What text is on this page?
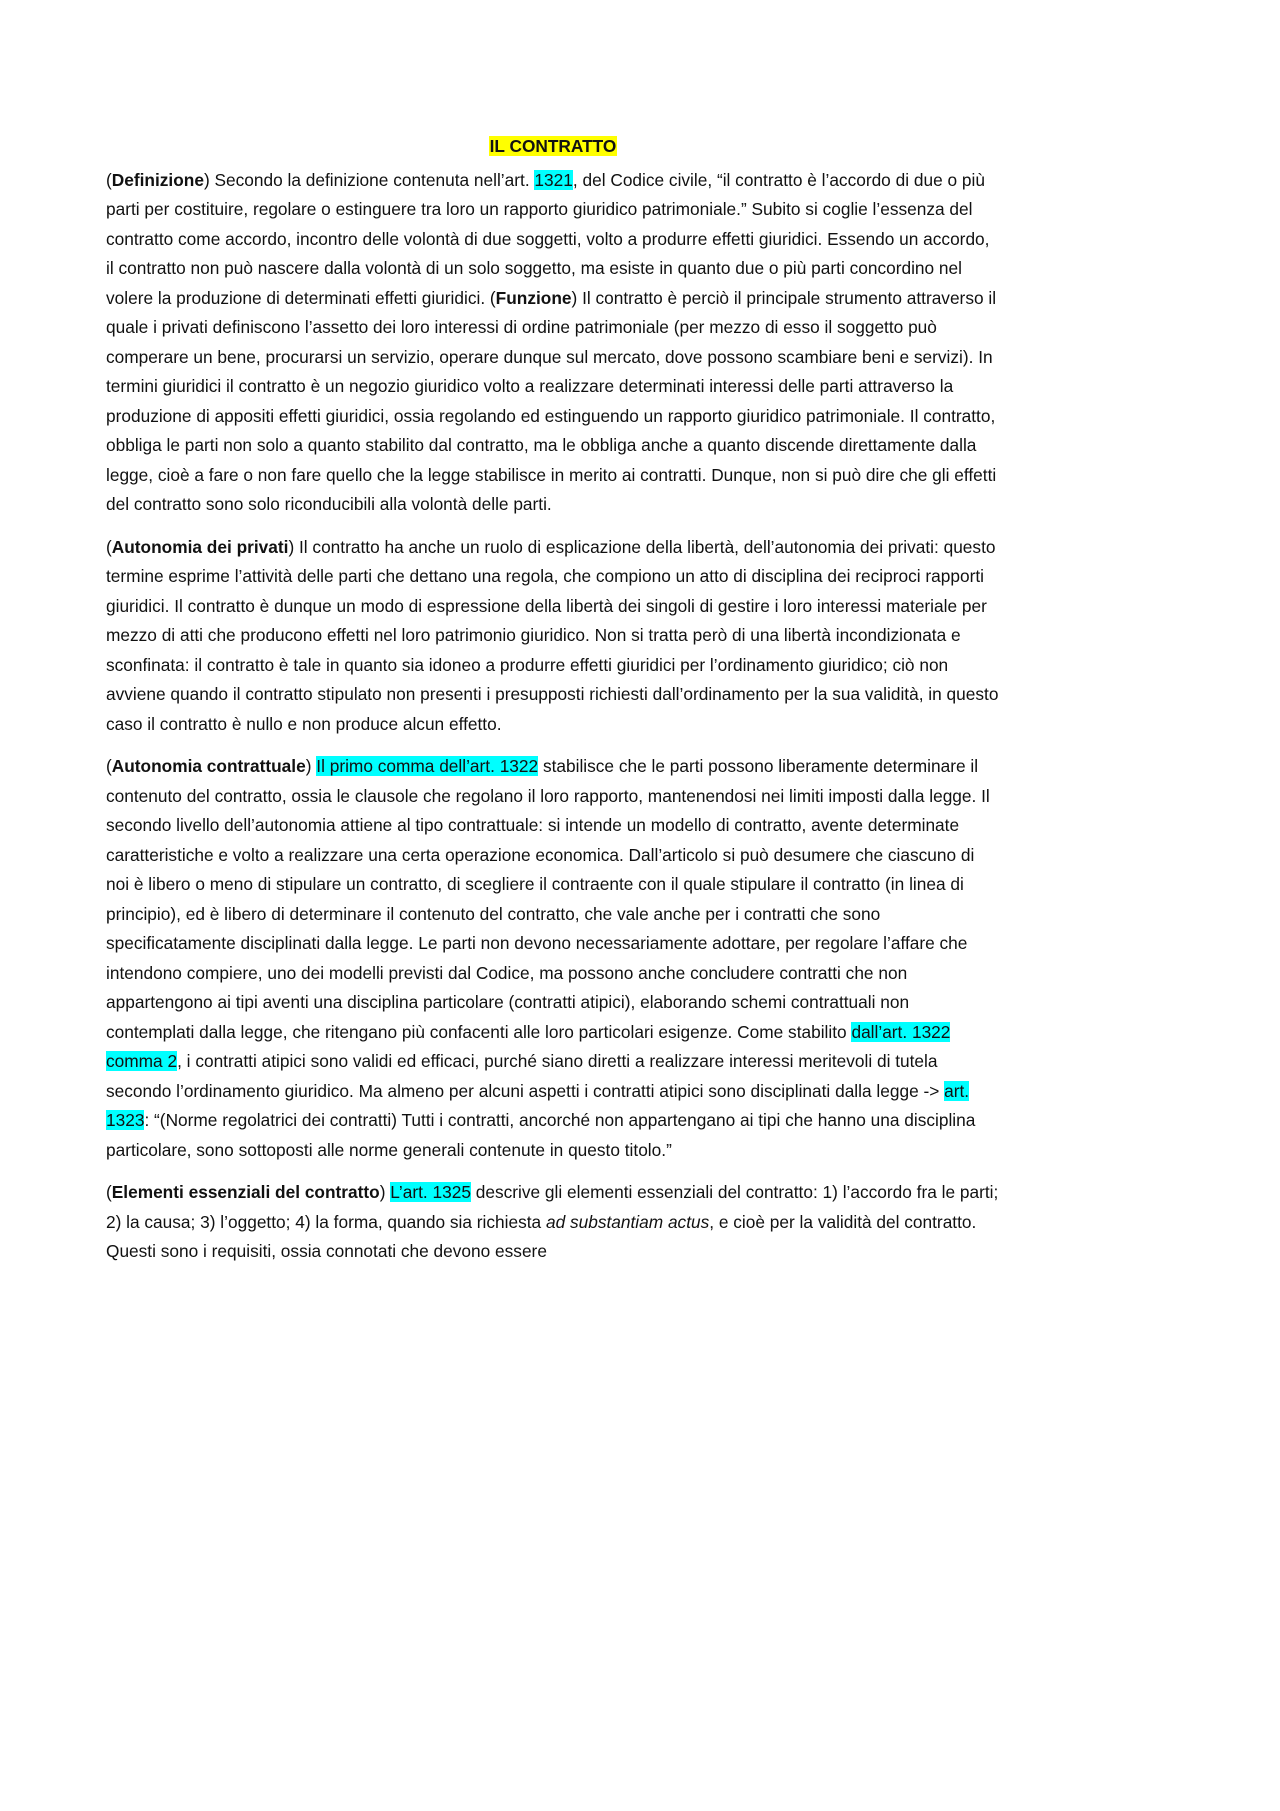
IL CONTRATTO

(Definizione) Secondo la definizione contenuta nell’art. 1321, del Codice civile, “il contratto è l’accordo di due o più parti per costituire, regolare o estinguere tra loro un rapporto giuridico patrimoniale.” Subito si coglie l’essenza del contratto come accordo, incontro delle volontà di due soggetti, volto a produrre effetti giuridici. Essendo un accordo, il contratto non può nascere dalla volontà di un solo soggetto, ma esiste in quanto due o più parti concordino nel volere la produzione di determinati effetti giuridici. (Funzione) Il contratto è perciò il principale strumento attraverso il quale i privati definiscono l’assetto dei loro interessi di ordine patrimoniale (per mezzo di esso il soggetto può comperare un bene, procurarsi un servizio, operare dunque sul mercato, dove possono scambiare beni e servizi). In termini giuridici il contratto è un negozio giuridico volto a realizzare determinati interessi delle parti attraverso la produzione di appositi effetti giuridici, ossia regolando ed estinguendo un rapporto giuridico patrimoniale. Il contratto, obbliga le parti non solo a quanto stabilito dal contratto, ma le obbliga anche a quanto discende direttamente dalla legge, cioè a fare o non fare quello che la legge stabilisce in merito ai contratti. Dunque, non si può dire che gli effetti del contratto sono solo riconducibili alla volontà delle parti.

(Autonomia dei privati) Il contratto ha anche un ruolo di esplicazione della libertà, dell’autonomia dei privati: questo termine esprime l’attività delle parti che dettano una regola, che compiono un atto di disciplina dei reciproci rapporti giuridici. Il contratto è dunque un modo di espressione della libertà dei singoli di gestire i loro interessi materiale per mezzo di atti che producono effetti nel loro patrimonio giuridico. Non si tratta però di una libertà incondizionata e sconfinata: il contratto è tale in quanto sia idoneo a produrre effetti giuridici per l’ordinamento giuridico; ciò non avviene quando il contratto stipulato non presenti i presupposti richiesti dall’ordinamento per la sua validità, in questo caso il contratto è nullo e non produce alcun effetto.

(Autonomia contrattuale) Il primo comma dell’art. 1322 stabilisce che le parti possono liberamente determinare il contenuto del contratto, ossia le clausole che regolano il loro rapporto, mantenendosi nei limiti imposti dalla legge. Il secondo livello dell’autonomia attiene al tipo contrattuale: si intende un modello di contratto, avente determinate caratteristiche e volto a realizzare una certa operazione economica. Dall’articolo si può desumere che ciascuno di noi è libero o meno di stipulare un contratto, di scegliere il contraente con il quale stipulare il contratto (in linea di principio), ed è libero di determinare il contenuto del contratto, che vale anche per i contratti che sono specificatamente disciplinati dalla legge. Le parti non devono necessariamente adottare, per regolare l’affare che intendono compiere, uno dei modelli previsti dal Codice, ma possono anche concludere contratti che non appartengono ai tipi aventi una disciplina particolare (contratti atipici), elaborando schemi contrattuali non contemplati dalla legge, che ritengano più confacenti alle loro particolari esigenze. Come stabilito dall’art. 1322 comma 2, i contratti atipici sono validi ed efficaci, purché siano diretti a realizzare interessi meritevoli di tutela secondo l’ordinamento giuridico. Ma almeno per alcuni aspetti i contratti atipici sono disciplinati dalla legge -> art. 1323: “(Norme regolatrici dei contratti) Tutti i contratti, ancorché non appartengano ai tipi che hanno una disciplina particolare, sono sottoposti alle norme generali contenute in questo titolo.”

(Elementi essenziali del contratto) L’art. 1325 descrive gli elementi essenziali del contratto: 1) l’accordo fra le parti; 2) la causa; 3) l’oggetto; 4) la forma, quando sia richiesta ad substantiam actus, e cioè per la validità del contratto. Questi sono i requisiti, ossia connotati che devono essere
